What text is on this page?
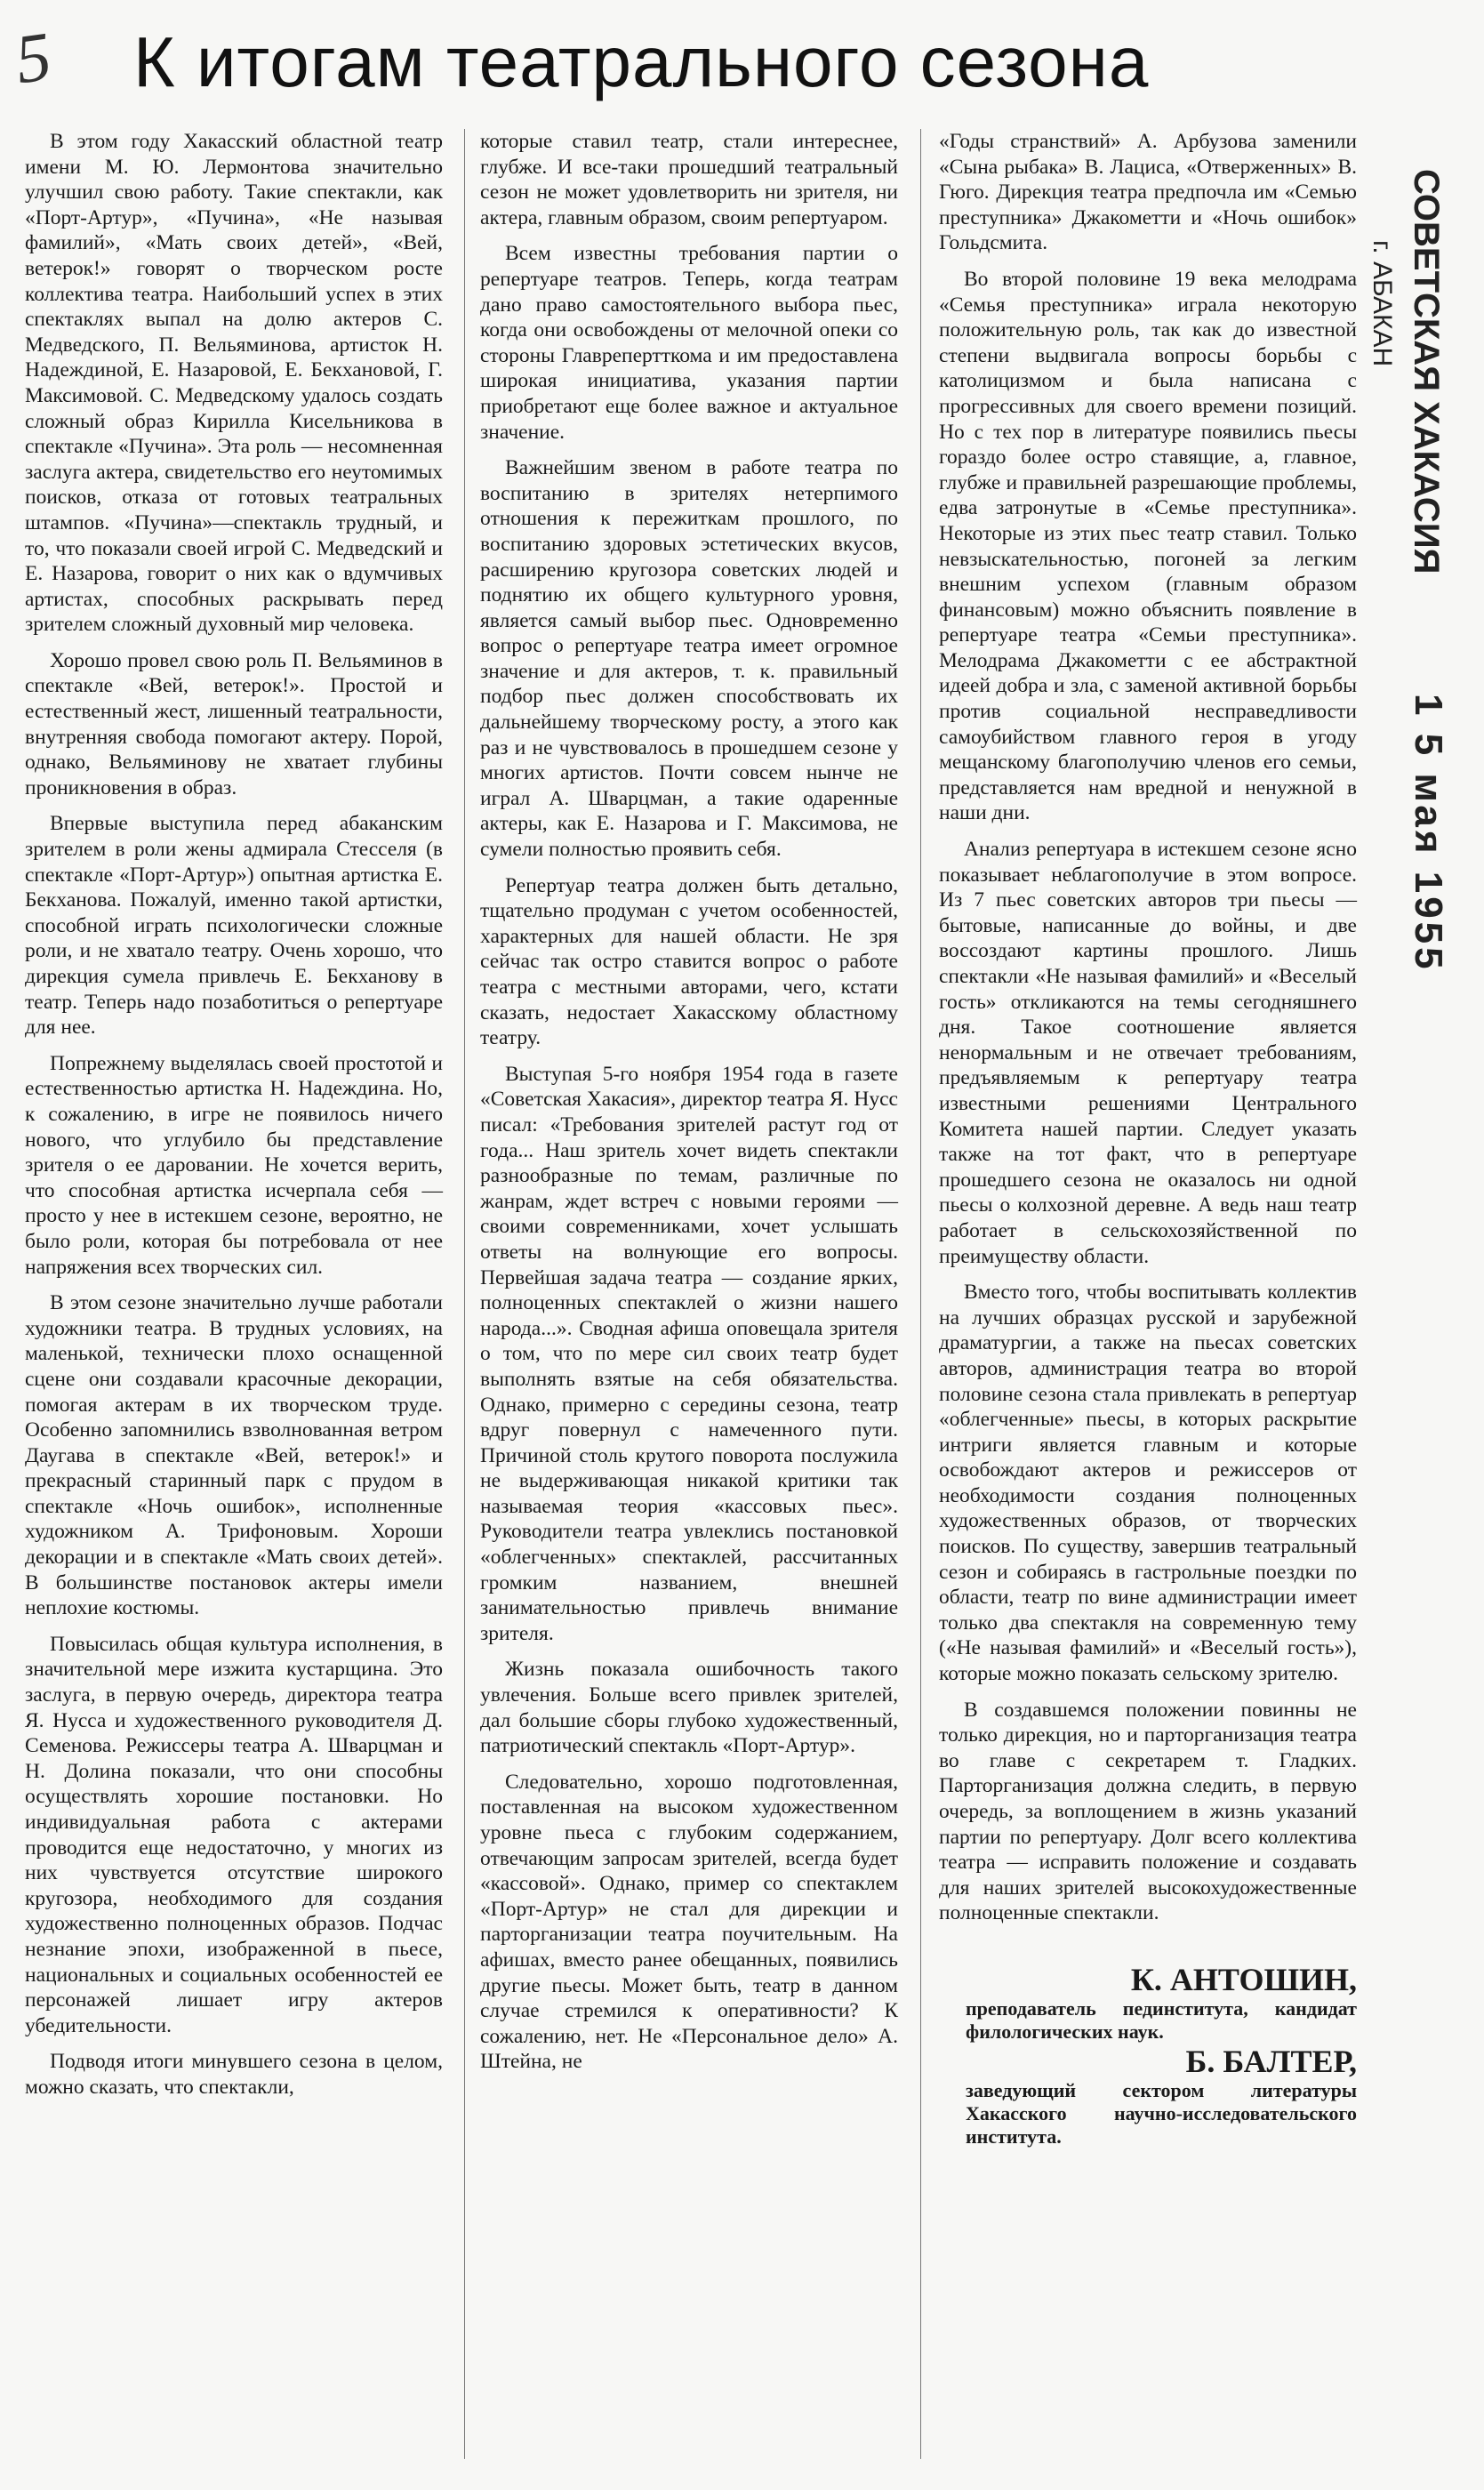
5 К итогам театрального сезона

В этом году Хакасский областной театр имени М. Ю. Лермонтова значительно улучшил свою работу. Такие спектакли, как «Порт-Артур», «Пучина», «Не называя фамилий», «Мать своих детей», «Вей, ветерок!» говорят о творческом росте коллектива театра. Наибольший успех в этих спектаклях выпал на долю актеров С. Медведского, П. Вельяминова, артисток Н. Надеждиной, Е. Назаровой, Е. Бекхановой, Г. Максимовой. С. Медведскому удалось создать сложный образ Кирилла Кисельникова в спектакле «Пучина». Эта роль — несомненная заслуга актера, свидетельство его неутомимых поисков, отказа от готовых театральных штампов. «Пучина»—спектакль трудный, и то, что показали своей игрой С. Медведский и Е. Назарова, говорит о них как о вдумчивых артистах, способных раскрывать перед зрителем сложный духовный мир человека.

Хорошо провел свою роль П. Вельяминов в спектакле «Вей, ветерок!». Простой и естественный жест, лишенный театральности, внутренняя свобода помогают актеру. Порой, однако, Вельяминову не хватает глубины проникновения в образ.

Впервые выступила перед абаканским зрителем в роли жены адмирала Стесселя (в спектакле «Порт-Артур») опытная артистка Е. Бекханова. Пожалуй, именно такой артистки, способной играть психологически сложные роли, и не хватало театру. Очень хорошо, что дирекция сумела привлечь Е. Бекханову в театр. Теперь надо позаботиться о репертуаре для нее.

Попрежнему выделялась своей простотой и естественностью артистка Н. Надеждина. Но, к сожалению, в игре не появилось ничего нового, что углубило бы представление зрителя о ее даровании. Не хочется верить, что способная артистка исчерпала себя — просто у нее в истекшем сезоне, вероятно, не было роли, которая бы потребовала от нее напряжения всех творческих сил.

В этом сезоне значительно лучше работали художники театра. В трудных условиях, на маленькой, технически плохо оснащенной сцене они создавали красочные декорации, помогая актерам в их творческом труде. Особенно запомнились взволнованная ветром Даугава в спектакле «Вей, ветерок!» и прекрасный старинный парк с прудом в спектакле «Ночь ошибок», исполненные художником А. Трифоновым. Хороши декорации и в спектакле «Мать своих детей». В большинстве постановок актеры имели неплохие костюмы.

Повысилась общая культура исполнения, в значительной мере изжита кустарщина. Это заслуга, в первую очередь, директора театра Я. Нусса и художественного руководителя Д. Семенова. Режиссеры театра А. Шварцман и Н. Долина показали, что они способны осуществлять хорошие постановки. Но индивидуальная работа с актерами проводится еще недостаточно, у многих из них чувствуется отсутствие широкого кругозора, необходимого для создания художественно полноценных образов. Подчас незнание эпохи, изображенной в пьесе, национальных и социальных особенностей ее персонажей лишает игру актеров убедительности.

Подводя итоги минувшего сезона в целом, можно сказать, что спектакли,

которые ставил театр, стали интереснее, глубже. И все-таки прошедший театральный сезон не может удовлетворить ни зрителя, ни актера, главным образом, своим репертуаром.

Всем известны требования партии о репертуаре театров. Теперь, когда театрам дано право самостоятельного выбора пьес, когда они освобождены от мелочной опеки со стороны Главрепертткома и им предоставлена широкая инициатива, указания партии приобретают еще более важное и актуальное значение.

Важнейшим звеном в работе театра по воспитанию в зрителях нетерпимого отношения к пережиткам прошлого, по воспитанию здоровых эстетических вкусов, расширению кругозора советских людей и поднятию их общего культурного уровня, является самый выбор пьес. Одновременно вопрос о репертуаре театра имеет огромное значение и для актеров, т. к. правильный подбор пьес должен способствовать их дальнейшему творческому росту, а этого как раз и не чувствовалось в прошедшем сезоне у многих артистов. Почти совсем нынче не играл А. Шварцман, а такие одаренные актеры, как Е. Назарова и Г. Максимова, не сумели полностью проявить себя.

Репертуар театра должен быть детально, тщательно продуман с учетом особенностей, характерных для нашей области. Не зря сейчас так остро ставится вопрос о работе театра с местными авторами, чего, кстати сказать, недостает Хакасскому областному театру.

Выступая 5-го ноября 1954 года в газете «Советская Хакасия», директор театра Я. Нусс писал: «Требования зрителей растут год от года... Наш зритель хочет видеть спектакли разнообразные по темам, различные по жанрам, ждет встреч с новыми героями — своими современниками, хочет услышать ответы на волнующие его вопросы. Первейшая задача театра — создание ярких, полноценных спектаклей о жизни нашего народа...». Сводная афиша оповещала зрителя о том, что по мере сил своих театр будет выполнять взятые на себя обязательства. Однако, примерно с середины сезона, театр вдруг повернул с намеченного пути. Причиной столь крутого поворота послужила не выдерживающая никакой критики так называемая теория «кассовых пьес». Руководители театра увлеклись постановкой «облегченных» спектаклей, рассчитанных громким названием, внешней занимательностью привлечь внимание зрителя.

Жизнь показала ошибочность такого увлечения. Больше всего привлек зрителей, дал большие сборы глубоко художественный, патриотический спектакль «Порт-Артур».

Следовательно, хорошо подготовленная, поставленная на высоком художественном уровне пьеса с глубоким содержанием, отвечающим запросам зрителей, всегда будет «кассовой». Однако, пример со спектаклем «Порт-Артур» не стал для дирекции и парторганизации театра поучительным. На афишах, вместо ранее обещанных, появились другие пьесы. Может быть, театр в данном случае стремился к оперативности? К сожалению, нет. Не «Персональное дело» А. Штейна, не

«Годы странствий» А. Арбузова заменили «Сына рыбака» В. Лациса, «Отверженных» В. Гюго. Дирекция театра предпочла им «Семью преступника» Джакометти и «Ночь ошибок» Гольдсмита.

Во второй половине 19 века мелодрама «Семья преступника» играла некоторую положительную роль, так как до известной степени выдвигала вопросы борьбы с католицизмом и была написана с прогрессивных для своего времени позиций. Но с тех пор в литературе появились пьесы гораздо более остро ставящие, а, главное, глубже и правильней разрешающие проблемы, едва затронутые в «Семье преступника». Некоторые из этих пьес театр ставил. Только невзыскательностью, погоней за легким внешним успехом (главным образом финансовым) можно объяснить появление в репертуаре театра «Семьи преступника». Мелодрама Джакометти с ее абстрактной идеей добра и зла, с заменой активной борьбы против социальной несправедливости самоубийством главного героя в угоду мещанскому благополучию членов его семьи, представляется нам вредной и ненужной в наши дни.

Анализ репертуара в истекшем сезоне ясно показывает неблагополучие в этом вопросе. Из 7 пьес советских авторов три пьесы — бытовые, написанные до войны, и две воссоздают картины прошлого. Лишь спектакли «Не называя фамилий» и «Веселый гость» откликаются на темы сегодняшнего дня. Такое соотношение является ненормальным и не отвечает требованиям, предъявляемым к репертуару театра известными решениями Центрального Комитета нашей партии. Следует указать также на тот факт, что в репертуаре прошедшего сезона не оказалось ни одной пьесы о колхозной деревне. А ведь наш театр работает в сельскохозяйственной по преимуществу области.

Вместо того, чтобы воспитывать коллектив на лучших образцах русской и зарубежной драматургии, а также на пьесах советских авторов, администрация театра во второй половине сезона стала привлекать в репертуар «облегченные» пьесы, в которых раскрытие интриги является главным и которые освобождают актеров и режиссеров от необходимости создания полноценных художественных образов, от творческих поисков. По существу, завершив театральный сезон и собираясь в гастрольные поездки по области, театр по вине администрации имеет только два спектакля на современную тему («Не называя фамилий» и «Веселый гость»), которые можно показать сельскому зрителю.

В создавшемся положении повинны не только дирекция, но и парторганизация театра во главе с секретарем т. Гладких. Парторганизация должна следить, в первую очередь, за воплощением в жизнь указаний партии по репертуару. Долг всего коллектива театра — исправить положение и создавать для наших зрителей высокохудожественные полноценные спектакли.

К. АНТОШИН,
преподаватель пединститута, кандидат филологических наук.
Б. БАЛТЕР,
заведующий сектором литературы Хакасского научно-исследовательского института.
СОВЕТСКАЯ ХАКАСИЯ
г. АБАКАН
1 5 мая 1955
